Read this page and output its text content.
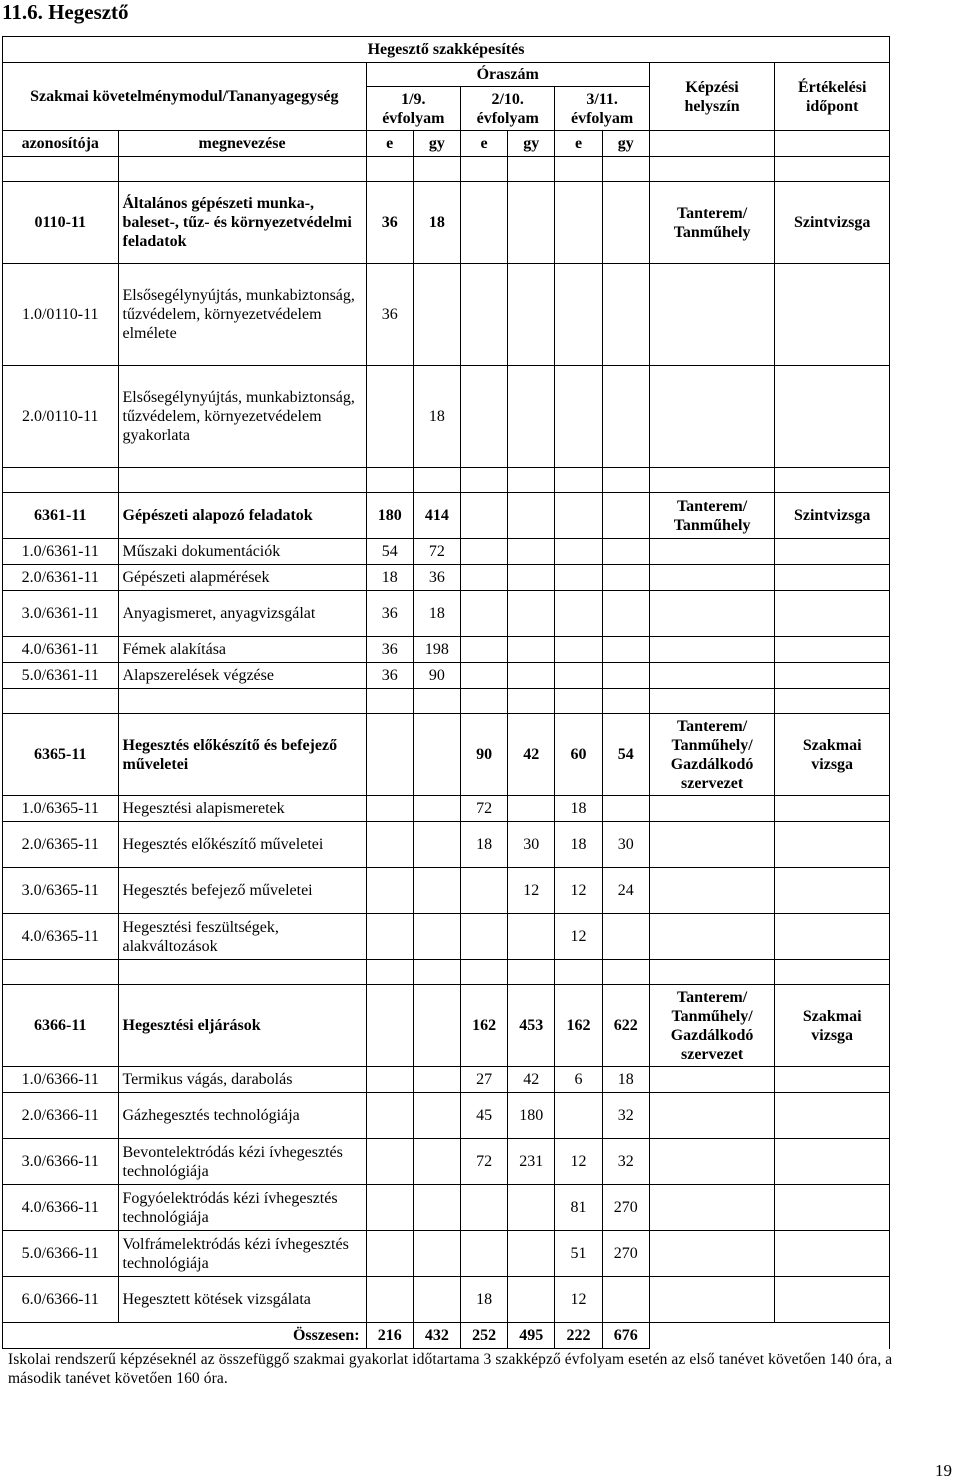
11.6. Hegesztő
Hegesztő szakképesítés									
Szakmai követelménymodul/Tananyagegység		Óraszám						Képzési helyszín	Értékelési időpont
		1/9. évfolyam		2/10. évfolyam		3/11. évfolyam			
azonosítója	megnevezése	e	gy	e	gy	e	gy		

0110-11	Általános gépészeti munka-, baleset-, tűz- és környezetvédelmi feladatok	36	18					Tanterem/ Tanműhely	Szintvizsga
1.0/0110-11	Elsősegélynyújtás, munkabiztonság, tűzvédelem, környezetvédelem elmélete	36							
2.0/0110-11	Elsősegélynyújtás, munkabiztonság, tűzvédelem, környezetvédelem gyakorlata		18						

6361-11	Gépészeti alapozó feladatok	180	414					Tanterem/ Tanműhely	Szintvizsga
1.0/6361-11	Műszaki dokumentációk	54	72						
2.0/6361-11	Gépészeti alapmérések	18	36						
3.0/6361-11	Anyagismeret, anyagvizsgálat	36	18						
4.0/6361-11	Fémek alakítása	36	198						
5.0/6361-11	Alapszerelések végzése	36	90						

6365-11	Hegesztés előkészítő és befejező műveletei			90	42	60	54	Tanterem/ Tanműhely/ Gazdálkodó szervezet	Szakmai vizsga
1.0/6365-11	Hegesztési alapismeretek			72		18			
2.0/6365-11	Hegesztés előkészítő műveletei			18	30	18	30		
3.0/6365-11	Hegesztés befejező műveletei				12	12	24		
4.0/6365-11	Hegesztési feszültségek, alakváltozások					12			

6366-11	Hegesztési eljárások			162	453	162	622	Tanterem/ Tanműhely/ Gazdálkodó szervezet	Szakmai vizsga
1.0/6366-11	Termikus vágás, darabolás			27	42	6	18		
2.0/6366-11	Gázhegesztés technológiája			45	180		32		
3.0/6366-11	Bevontelektródás kézi ívhegesztés technológiája			72	231	12	32		
4.0/6366-11	Fogyóelektródás kézi ívhegesztés technológiája					81	270		
5.0/6366-11	Volfrámelektródás kézi ívhegesztés technológiája					51	270		
6.0/6366-11	Hegesztett kötések vizsgálata			18		12			
Összesen:		216	432	252	495	222	676		
Iskolai rendszerű képzéseknél az összefüggő szakmai gyakorlat időtartama 3 szakképző évfolyam esetén az első tanévet követően 140 óra, a második tanévet követően 160 óra.
19
